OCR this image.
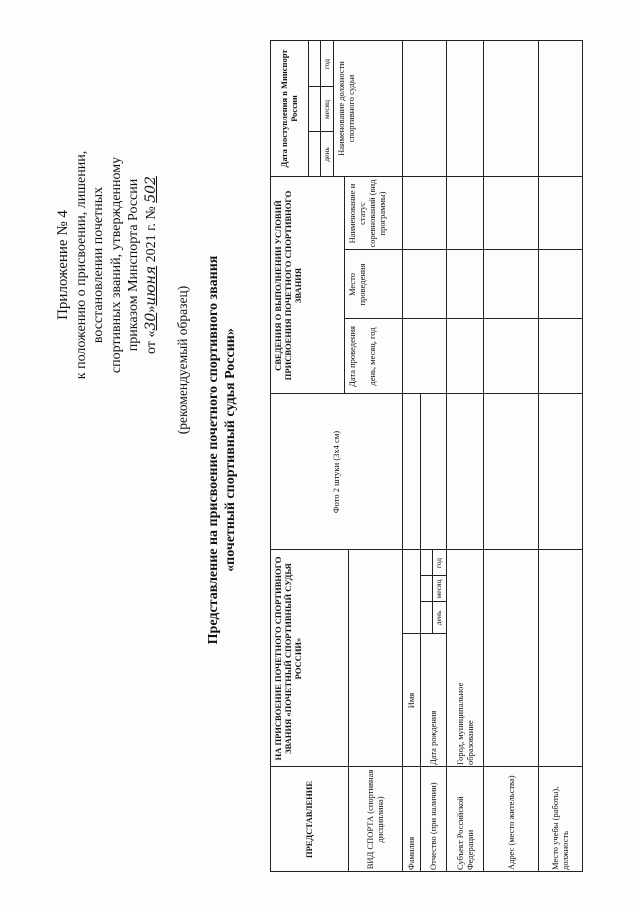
Приложение № 4 к положению о присвоении, лишении, восстановлении почетных спортивных званий, утвержденному приказом Минспорта России от «30»июня 2021 г. № 502
(рекомендуемый образец) Представление на присвоение почетного спортивного звания «почетный спортивный судья России»
ПРЕДСТАВЛЕНИЕ
НА ПРИСВОЕНИЕ ПОЧЕТНОГО СПОРТИВНОГО ЗВАНИЯ «ПОЧЕТНЫЙ СПОРТИВНЫЙ СУДЬЯ РОССИИ»
ВИД СПОРТА (спортивная дисциплина)
Фамилия
Имя
Отчество (при наличии)
Дата рождения
день
месяц
год
Субъект Российской Федерации
Город, муниципальное образование
Адрес (место жительства)	Место учебы (работы), должность
Фото 2 штуки (3x4 см)
СВЕДЕНИЯ О ВЫПОЛНЕНИИ УСЛОВИЙ ПРИСВОЕНИЯ ПОЧЕТНОГО СПОРТИВНОГО ЗВАНИЯ
Дата проведения день, месяц, год
Место проведения
Наименование и статус соревнований (вид программы)
Дата поступления в Минспорт России
день
месяц
год Наименование должности спортивного судьи
